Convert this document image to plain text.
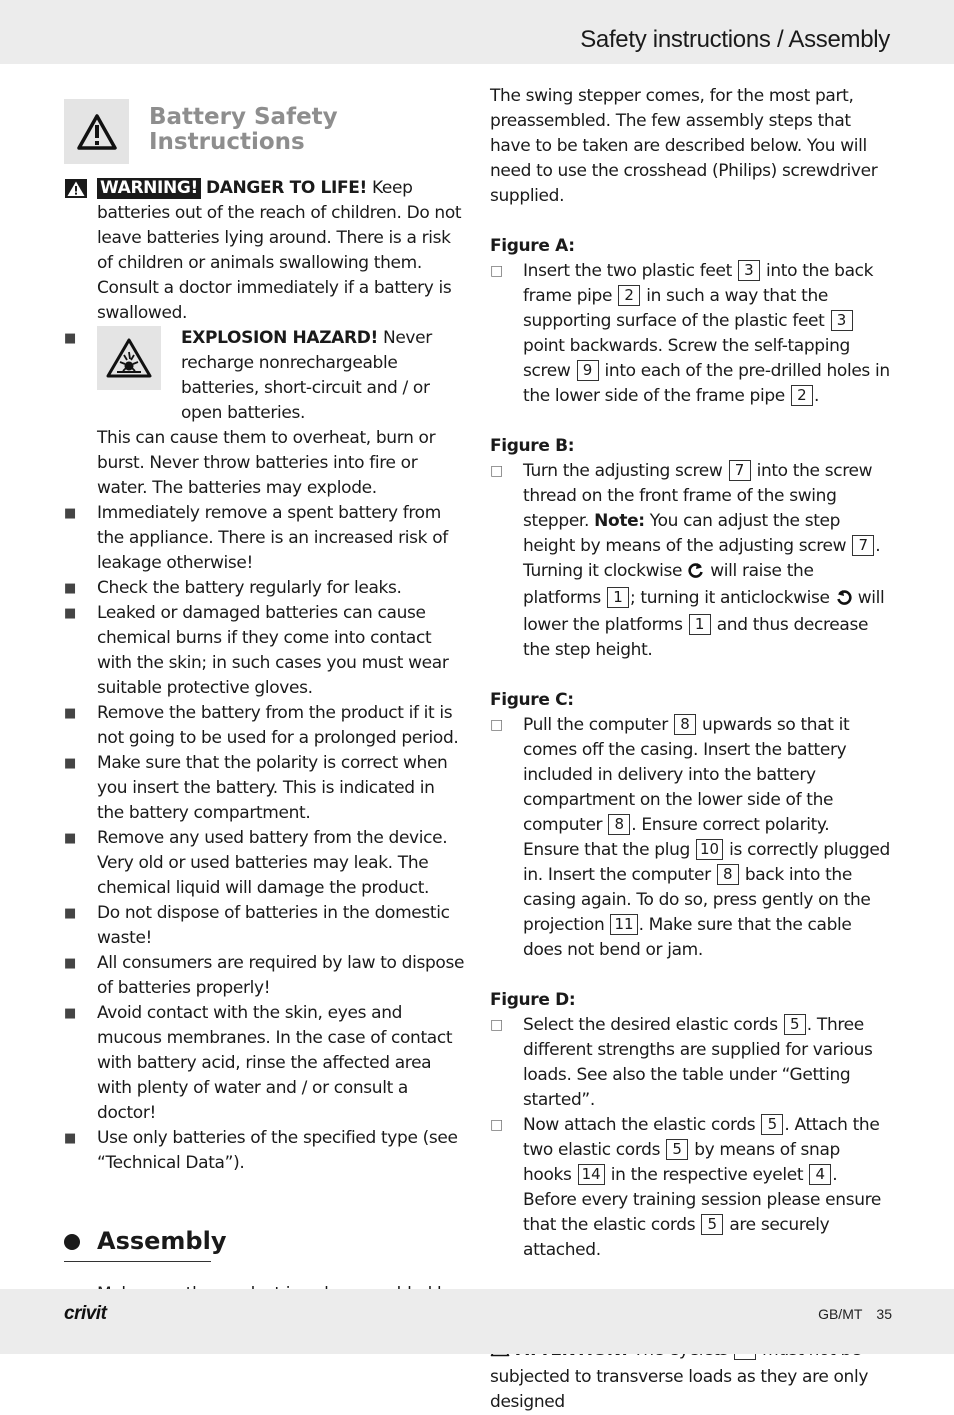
Safety instructions / Assembly
Battery Safety Instructions
WARNING! DANGER TO LIFE! Keep batteries out of the reach of children. Do not leave batteries lying around. There is a risk of children or animals swallowing them. Consult a doctor immediately if a battery is swallowed.
■	EXPLOSION HAZARD! Never recharge nonrechargeable batteries, short-circuit and / or open batteries.
This can cause them to overheat, burn or burst. Never throw batteries into fire or water. The batteries may explode.
■	Immediately remove a spent battery from the appliance. There is an increased risk of leakage otherwise!
■	Check the battery regularly for leaks.
■	Leaked or damaged batteries can cause chemical burns if they come into contact with the skin; in such cases you must wear suitable protective gloves.
■	Remove the battery from the product if it is not going to be used for a prolonged period.
■	Make sure that the polarity is correct when you insert the battery. This is indicated in the battery compartment.
■	Remove any used battery from the device. Very old or used batteries may leak. The chemical liquid will damage the product.
■	Do not dispose of batteries in the domestic waste!
■	All consumers are required by law to dispose of batteries properly!
■	Avoid contact with the skin, eyes and mucous membranes. In the case of contact with battery acid, rinse the affected area with plenty of water and / or consult a doctor!
■	Use only batteries of the specified type (see “Technical Data”).
Assembly
The swing stepper comes, for the most part, preassembled. The few assembly steps that have to be taken are described below. You will need to use the crosshead (Philips) screwdriver supplied.
Figure A:
□	Insert the two plastic feet 3 into the back frame pipe 2 in such a way that the supporting surface of the plastic feet 3 point backwards. Screw the self-tapping screw 9 into each of the pre-drilled holes in the lower side of the frame pipe 2 .
Figure B:
□	Turn the adjusting screw 7 into the screw thread on the front frame of the swing stepper. Note: You can adjust the step height by means of the adjusting screw 7 . Turning it clockwise  will raise the platforms 1 ; turning it anticlockwise  will lower the platforms 1 and thus decrease the step height.
Figure C:
□	Pull the computer 8 upwards so that it comes off the casing. Insert the battery included in delivery into the battery compartment on the lower side of the computer 8 . Ensure correct polarity.
Ensure that the plug 10 is correctly plugged in. Insert the computer 8 back into the casing again. To do so, press gently on the projection 11 . Make sure that the cable does not bend or jam.
Figure D:
□	Select the desired elastic cords 5 . Three different strengths are supplied for various loads. See also the table under “Getting started”.
□	Now attach the elastic cords 5 . Attach the two elastic cords 5 by means of snap hooks 14 in the respective eyelet 4 . Before every training session please ensure that the elastic cords 5 are securely attached.
subjected to transverse loads as they are only designed
crivit	GB/MT 35
